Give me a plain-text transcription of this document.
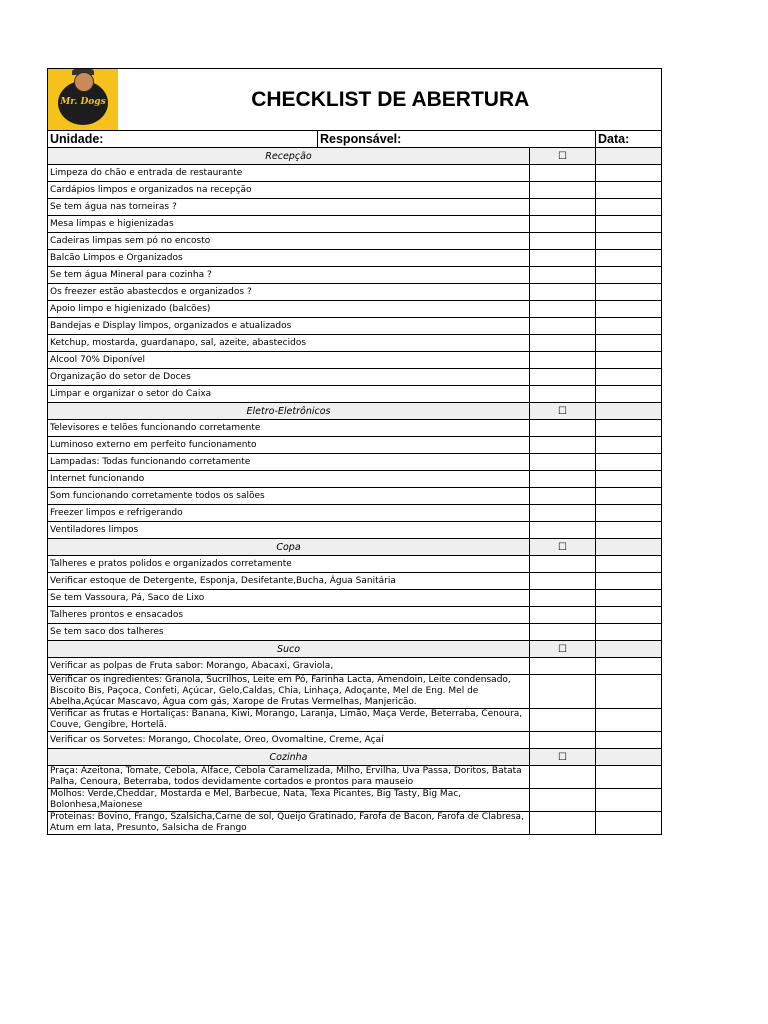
Mr. Dogs	CHECKLIST DE ABERTURA			
Unidade:		Responsável:		Data:
Recepção			☐	
Limpeza do chão e entrada de restaurante				
Cardápios limpos e organizados na recepção				
Se tem água nas torneiras ?				
Mesa limpas e higienizadas				
Cadeiras limpas sem pó no encosto				
Balcão Limpos e Organizados				
Se tem água Mineral para cozinha ?				
Os freezer estão abastecdos e organizados ?				
Apoio limpo e higienizado (balcões)				
Bandejas e Display limpos, organizados e atualizados				
Ketchup, mostarda, guardanapo, sal, azeite, abastecidos				
Alcool 70% Diponível				
Organização do setor de Doces				
Limpar e organizar o setor do Caixa				
Eletro-Eletrônicos			☐	
Televisores e telões funcionando corretamente				
Luminoso externo em perfeito funcionamento				
Lampadas: Todas funcionando corretamente				
Internet funcionando				
Som funcionando corretamente todos os salões				
Freezer limpos e refrigerando				
Ventiladores limpos				
Copa			☐	
Talheres e pratos polidos e organizados corretamente				
Verificar estoque de Detergente, Esponja, Desifetante,Bucha, Água Sanitária				
Se tem Vassoura, Pá, Saco de Lixo				
Talheres prontos e ensacados				
Se tem saco dos talheres				
Suco			☐	
Verificar as polpas de Fruta sabor: Morango, Abacaxi, Graviola,				
Verificar os ingredientes: Granola, Sucrilhos, Leite em Pó, Farinha Lacta, Amendoin, Leite condensado, Biscoito Bis, Paçoca, Confeti, Açúcar, Gelo,Caldas, Chia, Linhaça, Adoçante, Mel de Eng. Mel de Abelha,Açúcar Mascavo, Água com gás, Xarope de Frutas Vermelhas, Manjericão.				
Verificar as frutas e Hortaliças: Banana, Kiwi, Morango, Laranja, Limão, Maça Verde, Beterraba, Cenoura, Couve, Gengibre, Hortelã.				
Verificar os Sorvetes: Morango, Chocolate, Oreo, Ovomaltine, Creme, Açaí				
Cozinha			☐	
Praça: Azeitona, Tomate, Cebola, Alface, Cebola Caramelizada, Milho, Ervilha, Uva Passa, Doritos, Batata Palha, Cenoura, Beterraba, todos devidamente cortados e prontos para mauseio				
Molhos: Verde,Cheddar, Mostarda e Mel, Barbecue, Nata, Texa Picantes, Big Tasty, Big Mac, Bolonhesa,Maionese				
Proteinas: Bovino, Frango, Szalsicha,Carne de sol, Queijo Gratinado, Farofa de Bacon, Farofa de Clabresa, Atum em lata, Presunto, Salsicha de Frango				
